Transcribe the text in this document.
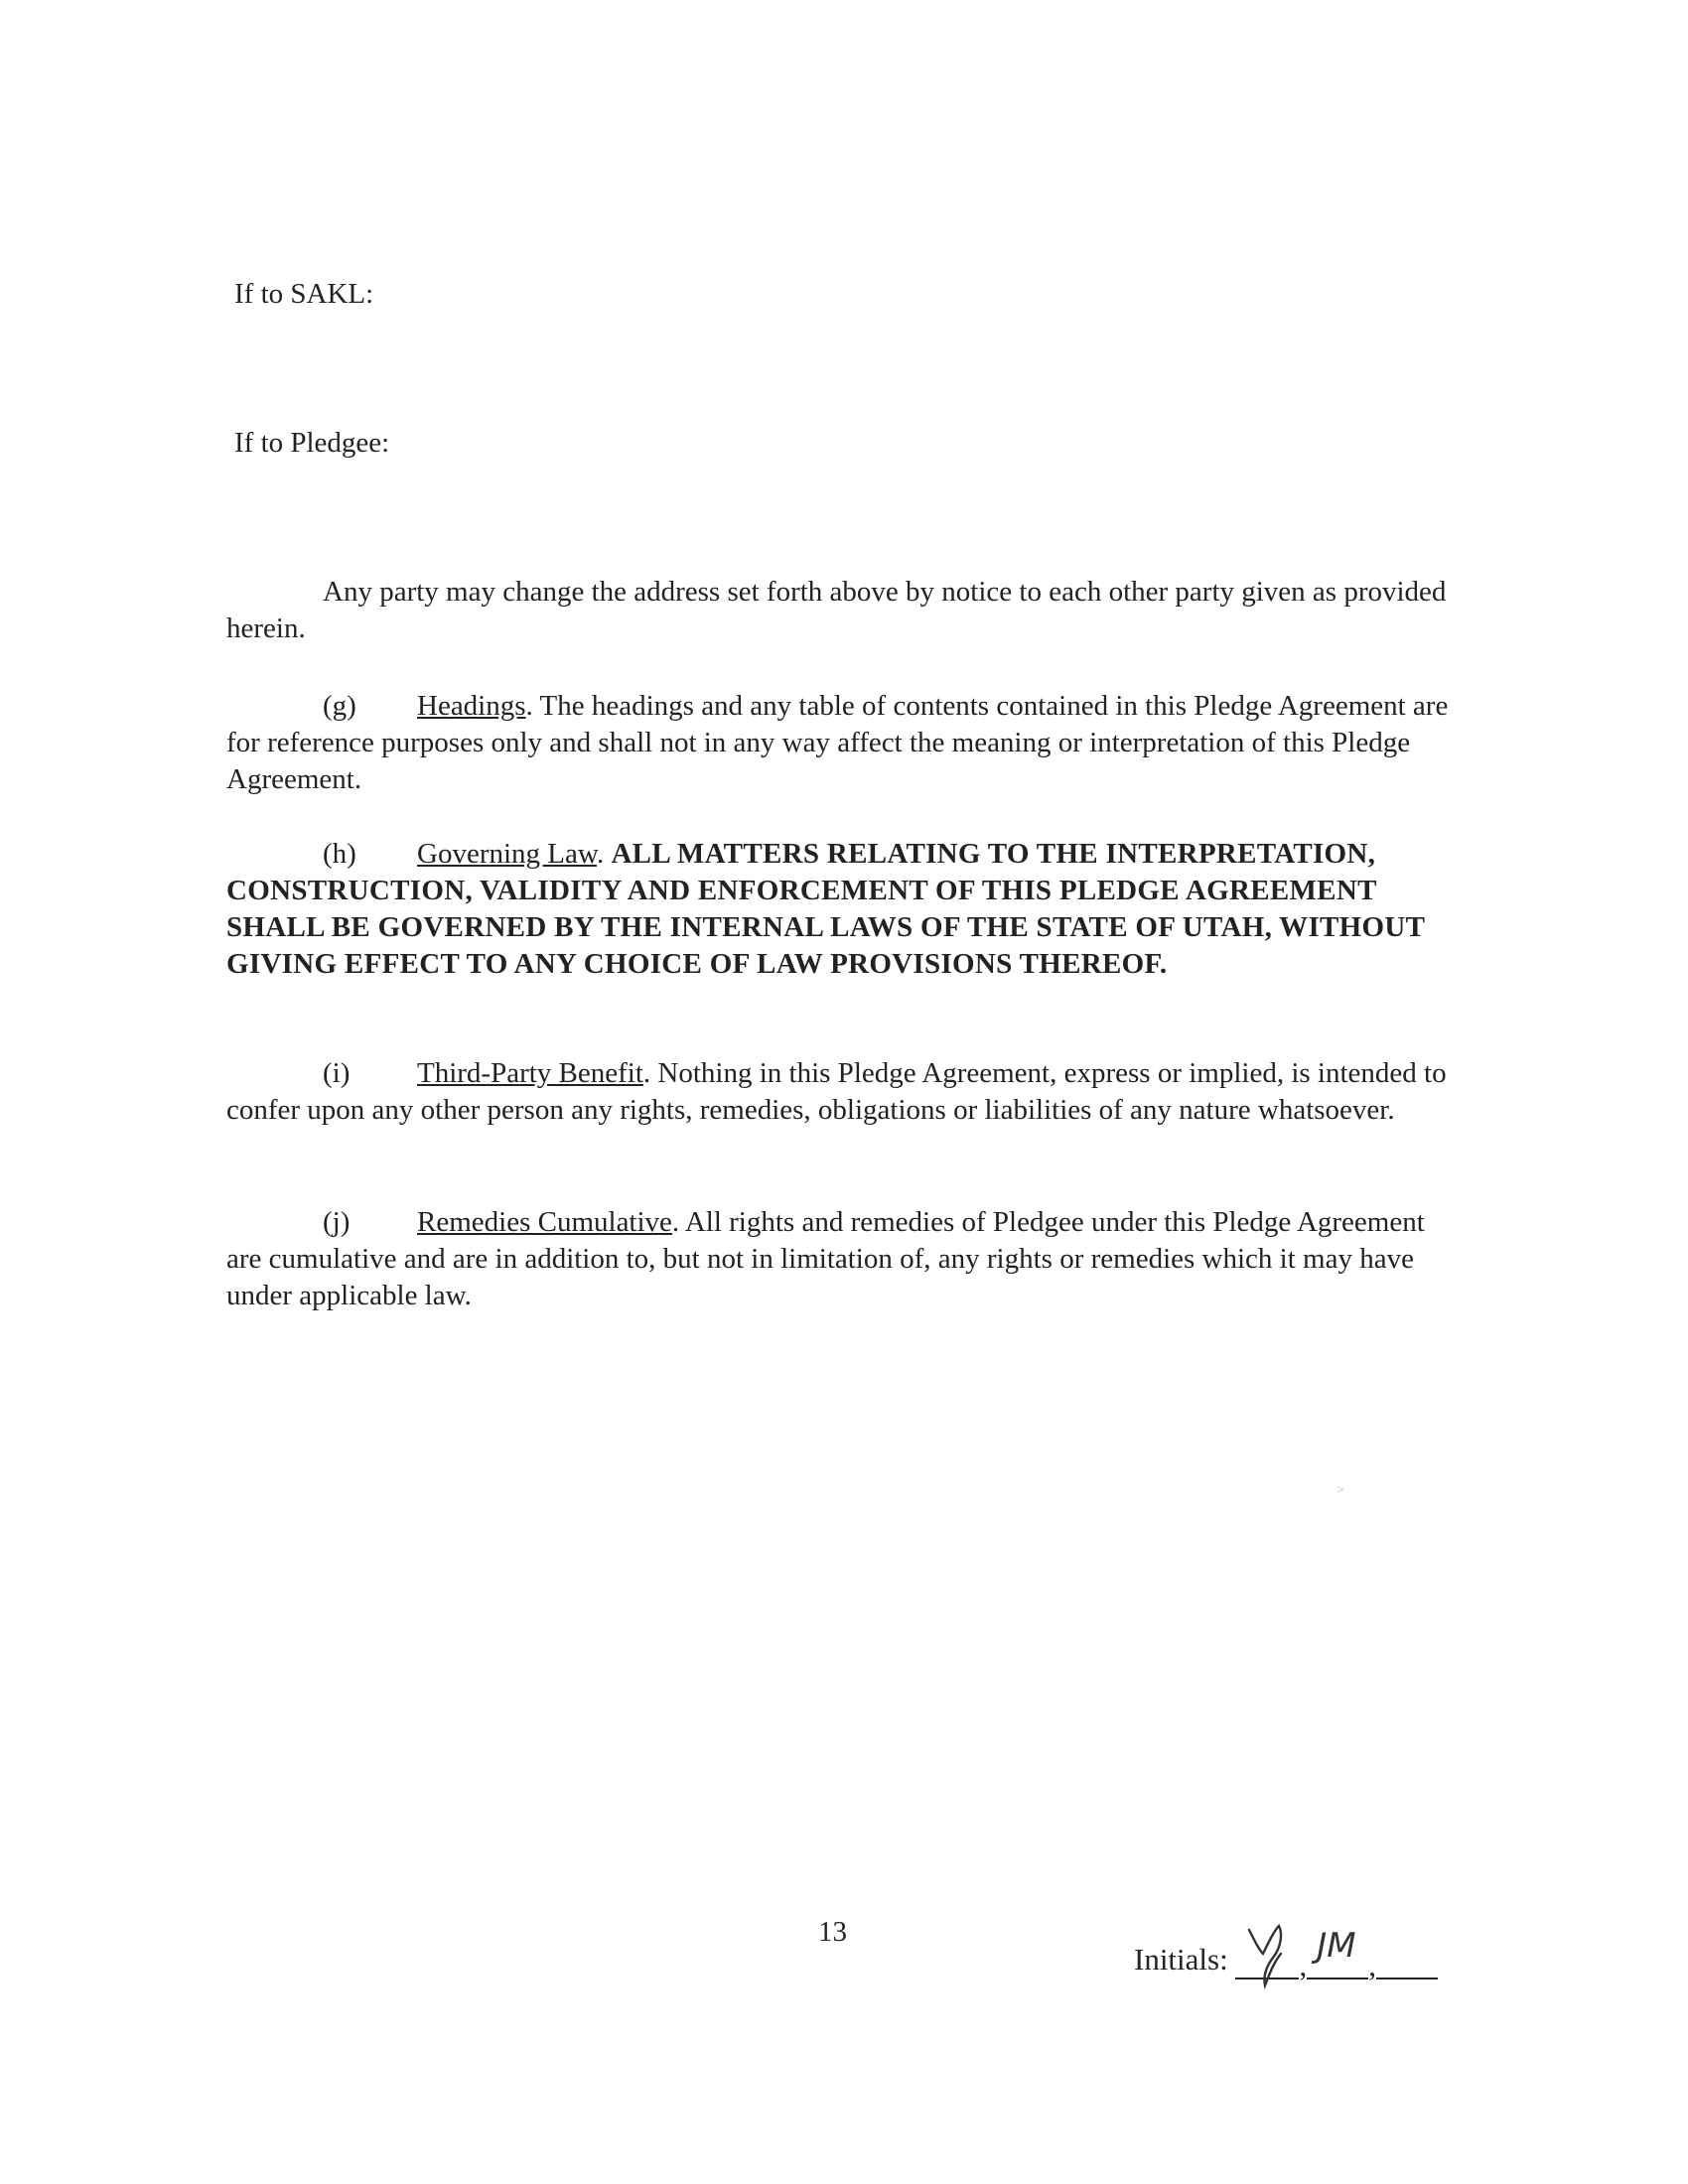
If to SAKL:
If to Pledgee:
Any party may change the address set forth above by notice to each other party given as provided herein.
(g) Headings. The headings and any table of contents contained in this Pledge Agreement are for reference purposes only and shall not in any way affect the meaning or interpretation of this Pledge Agreement.
(h) Governing Law. ALL MATTERS RELATING TO THE INTERPRETATION, CONSTRUCTION, VALIDITY AND ENFORCEMENT OF THIS PLEDGE AGREEMENT SHALL BE GOVERNED BY THE INTERNAL LAWS OF THE STATE OF UTAH, WITHOUT GIVING EFFECT TO ANY CHOICE OF LAW PROVISIONS THEREOF.
(i) Third-Party Benefit. Nothing in this Pledge Agreement, express or implied, is intended to confer upon any other person any rights, remedies, obligations or liabilities of any nature whatsoever.
(j) Remedies Cumulative. All rights and remedies of Pledgee under this Pledge Agreement are cumulative and are in addition to, but not in limitation of, any rights or remedies which it may have under applicable law.
>
13
Initials: , JM ,
